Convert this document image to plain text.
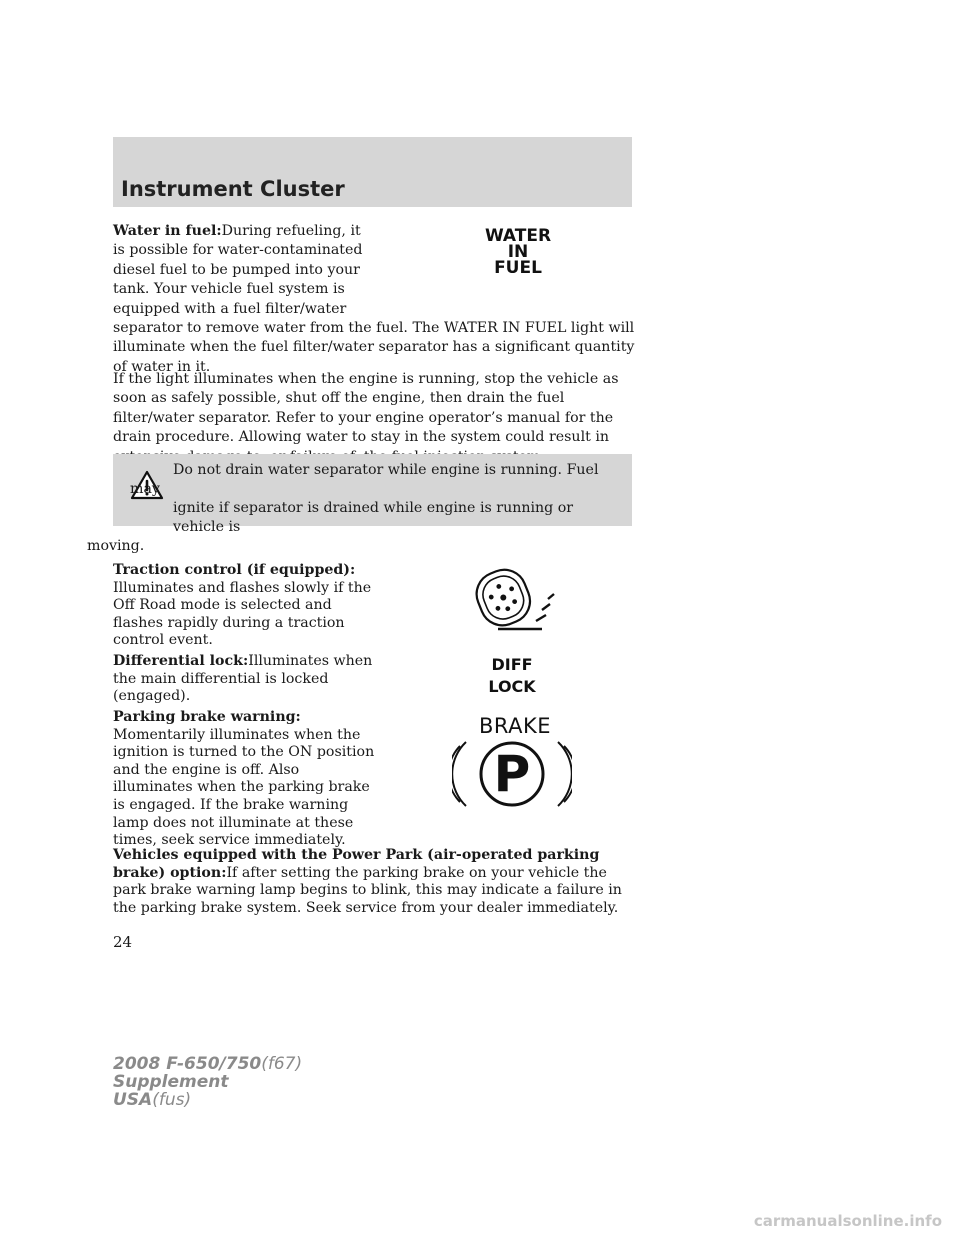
Instrument Cluster

Water in fuel:During refueling, it
is possible for water-contaminated
diesel fuel to be pumped into your
tank. Your vehicle fuel system is
equipped with a fuel filter/water

separator to remove water from the fuel. The WATER IN FUEL light will
illuminate when the fuel filter/water separator has a significant quantity
of water in it.

WATER
IN
FUEL

If the light illuminates when the engine is running, stop the vehicle as
soon as safely possible, shut off the engine, then drain the fuel
filter/water separator. Refer to your engine operator’s manual for the
drain procedure. Allowing water to stay in the system could result in

Do not drain water separator while engine is running. Fuel may
ignite if separator is drained while engine is running or vehicle is
moving.

Traction control (if equipped):
Illuminates and flashes slowly if the
Off Road mode is selected and
flashes rapidly during a traction
control event.

Differential lock:Illuminates when
the main differential is locked
(engaged).

DIFF
LOCK

Parking brake warning:
Momentarily illuminates when the
ignition is turned to the ON position
and the engine is off. Also
illuminates when the parking brake
is engaged. If the brake warning
lamp does not illuminate at these
times, seek service immediately.

BRAKE
P

Vehicles equipped with the Power Park (air-operated parking
brake) option:If after setting the parking brake on your vehicle the
park brake warning lamp begins to blink, this may indicate a failure in
the parking brake system. Seek service from your dealer immediately.

24
2008 F-650/750(f67)
Supplement
USA(fus)
carmanualsonline.info
